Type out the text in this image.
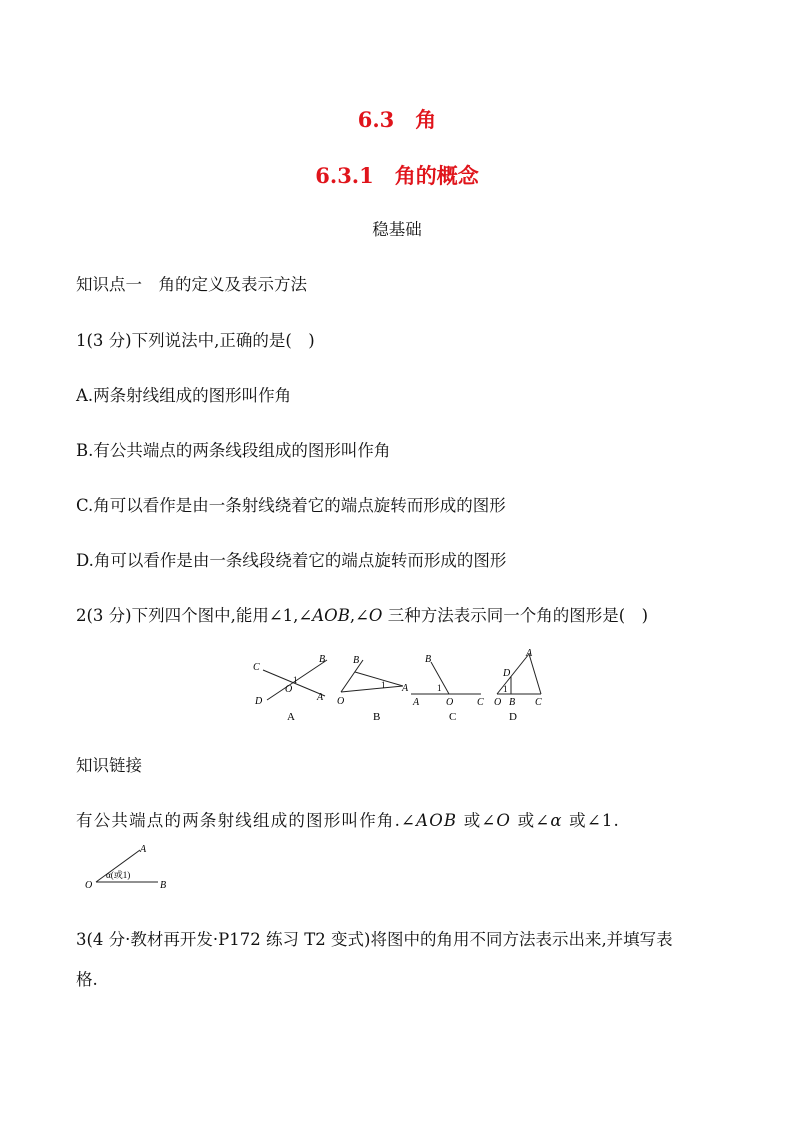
6.3　 角
6.3.1　 角的概念
稳基础
知识点一　角的定义及表示方法
1(3 分)下列说法中,正确的是(　)
A.两条射线组成的图形叫作角
B.有公共端点的两条线段组成的图形叫作角
C.角可以看作是由一条射线绕着它的端点旋转而形成的图形
D.角可以看作是由一条线段绕着它的端点旋转而形成的图形
2(3 分)下列四个图中,能用∠1,∠AOB,∠O 三种方法表示同一个角的图形是(　)
C
B
O
D	A
1
A
B
O
A
1
B
B
A	O C
1
C
A
D
O B C
1
D
知识链接
有公共端点的两条射线组成的图形叫作角.∠AOB 或∠O 或∠α 或∠1.
A
O	B
α(或1)
3(4 分·教材再开发·P172 练习 T2 变式)将图中的角用不同方法表示出来,并填写表
格.
